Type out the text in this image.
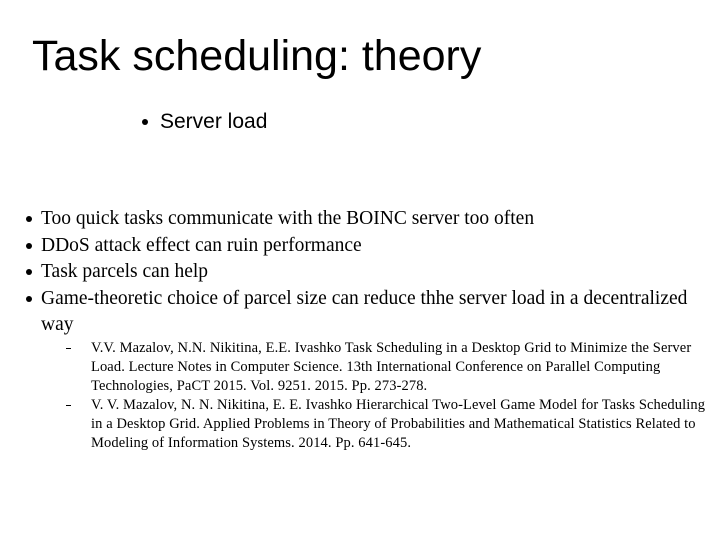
Task scheduling: theory
Server load
Too quick tasks communicate with the BOINC server too often
DDoS attack effect can ruin performance
Task parcels can help
Game-theoretic choice of parcel size can reduce thhe server load in a decentralized way
V.V. Mazalov, N.N. Nikitina, E.E. Ivashko Task Scheduling in a Desktop Grid to Minimize the Server Load. Lecture Notes in Computer Science. 13th International Conference on Parallel Computing Technologies, PaCT 2015. Vol. 9251. 2015. Pp. 273-278.
V. V. Mazalov, N. N. Nikitina, E. E. Ivashko Hierarchical Two-Level Game Model for Tasks Scheduling in a Desktop Grid. Applied Problems in Theory of Probabilities and Mathematical Statistics Related to Modeling of Information Systems. 2014. Pp. 641-645.
